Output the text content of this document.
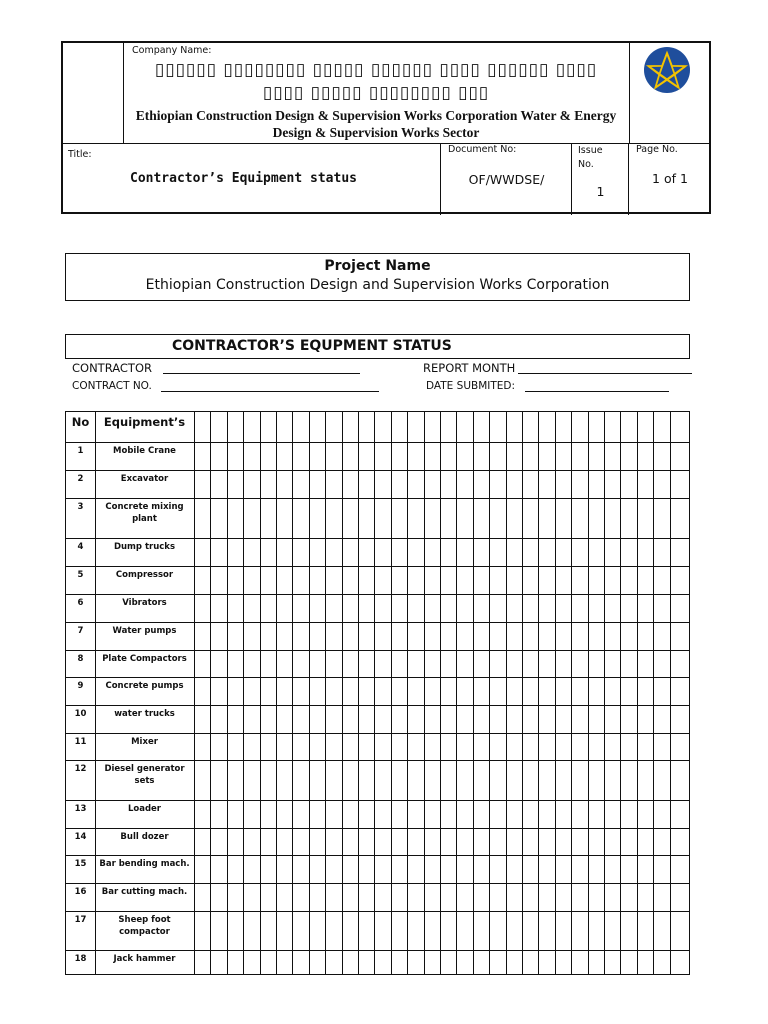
▯▯▯▯▯▯ ▯▯▯▯▯▯▯▯ ▯▯▯▯▯ ▯▯▯▯▯▯ ▯▯▯▯ ▯▯▯▯▯▯ ▯▯▯▯
▯▯▯▯ ▯▯▯▯▯ ▯▯▯▯▯▯▯▯ ▯▯▯
Ethiopian Construction Design & Supervision Works Corporation Water & Energy Design & Supervision Works Sector
Company Name:
Title:
Contractor’s Equipment status
Document No:
OF/WWDSE/
Issue No.
1
Page No.
1 of 1
Project Name
Ethiopian Construction Design and Supervision Works Corporation
CONTRACTOR’S EQUPMENT STATUS
CONTRACTOR
CONTRACT NO.
REPORT MONTH
DATE SUBMITED:
No	Equipment’s
1	Mobile Crane
2	Excavator
3	Concrete mixing plant
4	Dump trucks
5	Compressor
6	Vibrators
7	Water pumps
8	Plate Compactors
9	Concrete pumps
10	water trucks
11	Mixer
12	Diesel generator sets
13	Loader
14	Bull dozer
15	Bar bending mach.
16	Bar cutting mach.
17	Sheep foot compactor
18	Jack hammer
